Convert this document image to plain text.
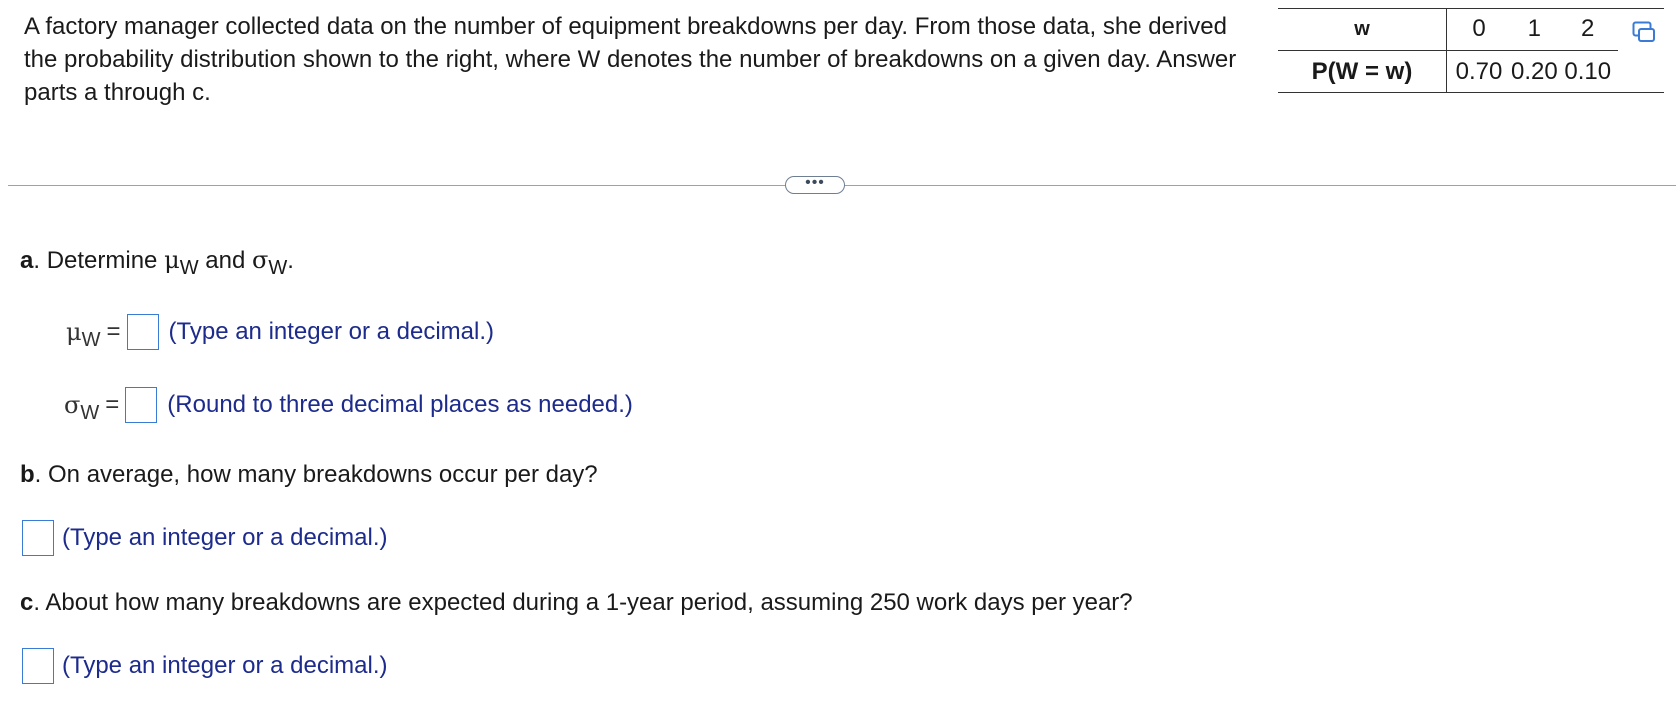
A factory manager collected data on the number of equipment breakdowns per day. From those data, she derived the probability distribution shown to the right, where W denotes the number of breakdowns on a given day. Answer parts a through c.
w	0	1	2
P(W = w)	0.70	0.20	0.10
•••
a. Determine $\mu_W$ and $\sigma_W$.
$\mu_W$ = (Type an integer or a decimal.)
$\sigma_W$ = (Round to three decimal places as needed.)
b. On average, how many breakdowns occur per day?
(Type an integer or a decimal.)
c. About how many breakdowns are expected during a 1-year period, assuming 250 work days per year?
(Type an integer or a decimal.)
